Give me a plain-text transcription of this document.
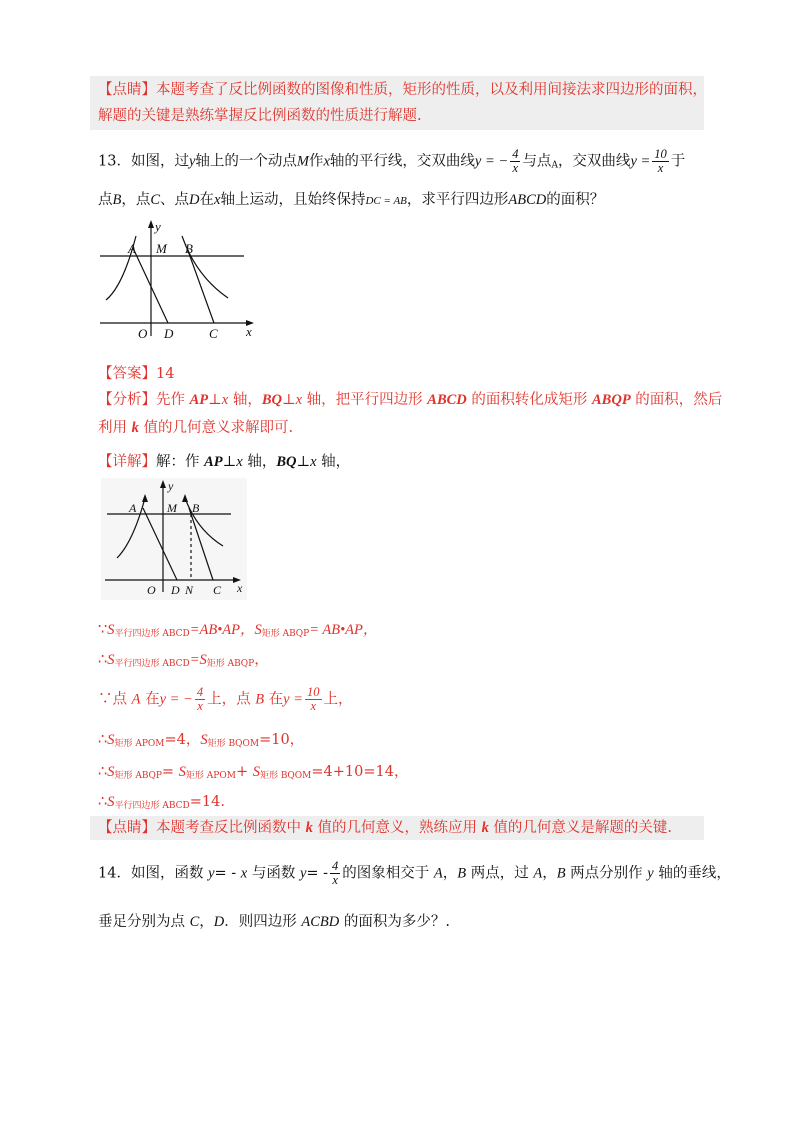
【点睛】本题考查了反比例函数的图像和性质，矩形的性质，以及利用间接法求四边形的面积，
解题的关键是熟练掌握反比例函数的性质进行解题.
13．如图，过y轴上的一个动点M作x轴的平行线，交双曲线y = − $\frac{4}{x}$ 与点$_A$，交双曲线$y = \frac{10}{x}$ 于
点B，点C、点D在x轴上运动，且始终保持DC = AB，求平行四边形ABCD的面积？
y
A M B
O D	C x
【答案】14
【分析】先作 AP⊥x 轴，BQ⊥x 轴，把平行四边形 ABCD 的面积转化成矩形 ABQP 的面积，然后
利用 k 值的几何意义求解即可.
【详解】解：作 AP⊥x 轴，BQ⊥x 轴，
y
A	M B
O D N C x
$\because S_{平行四边形 ABCD}=AB•AP$，$S_{矩形 ABQP}=$ AB•AP，
$\therefore S_{平行四边形 ABCD}=S_{矩形 ABQP}$，
∵点 A 在y = − $\frac{4}{x}$ 上，点 B 在$y = \frac{10}{x}$ 上，
$\therefore S_{矩形 APOM}=4$，$S_{矩形 BQOM}=10$，
$\therefore S_{矩形 ABQP}= S_{矩形 APOM}+ S_{矩形 BQOM}=4+10=14$，
$\therefore S_{平行四边形 ABCD}=14$.
【点睛】本题考查反比例函数中 k 值的几何意义，熟练应用 k 值的几何意义是解题的关键.
14．如图，函数 y= - x 与函数 $y= - \frac{4}{x}$ 的图象相交于 A，B 两点，过 A，B 两点分别作 y 轴的垂线，
垂足分别为点 C，D．则四边形 ACBD 的面积为多少？.
